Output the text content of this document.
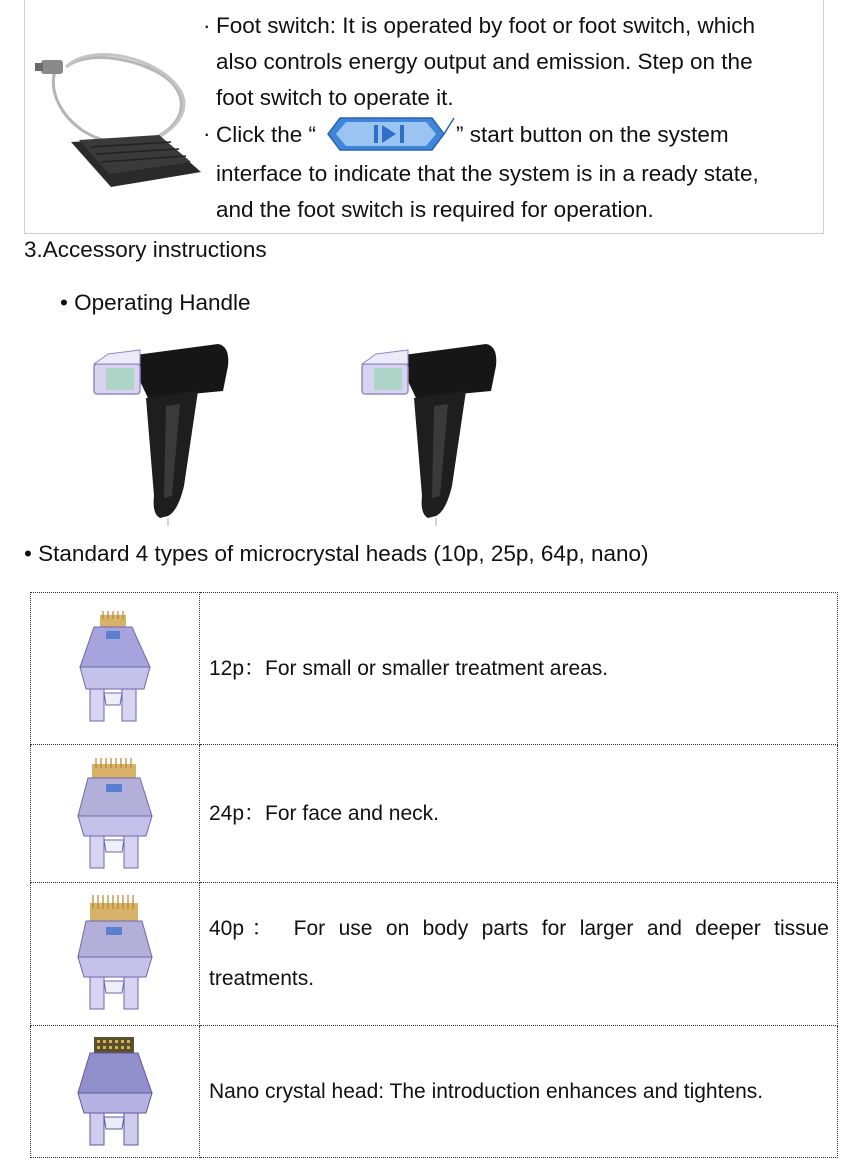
· Foot switch: It is operated by foot or foot switch, which
also controls energy output and emission. Step on the
foot switch to operate it.
· Click the “	” start button on the system
interface to indicate that the system is in a ready state,
and the foot switch is required for operation.
3.Accessory instructions
• Operating Handle
• Standard 4 types of microcrystal heads (10p, 25p, 64p, nano)
	12p：For small or smaller treatment areas.

	24p：For face and neck.

40p： For use on body parts for larger and deeper tissue
treatments.

	Nano crystal head: The introduction enhances and tightens.
